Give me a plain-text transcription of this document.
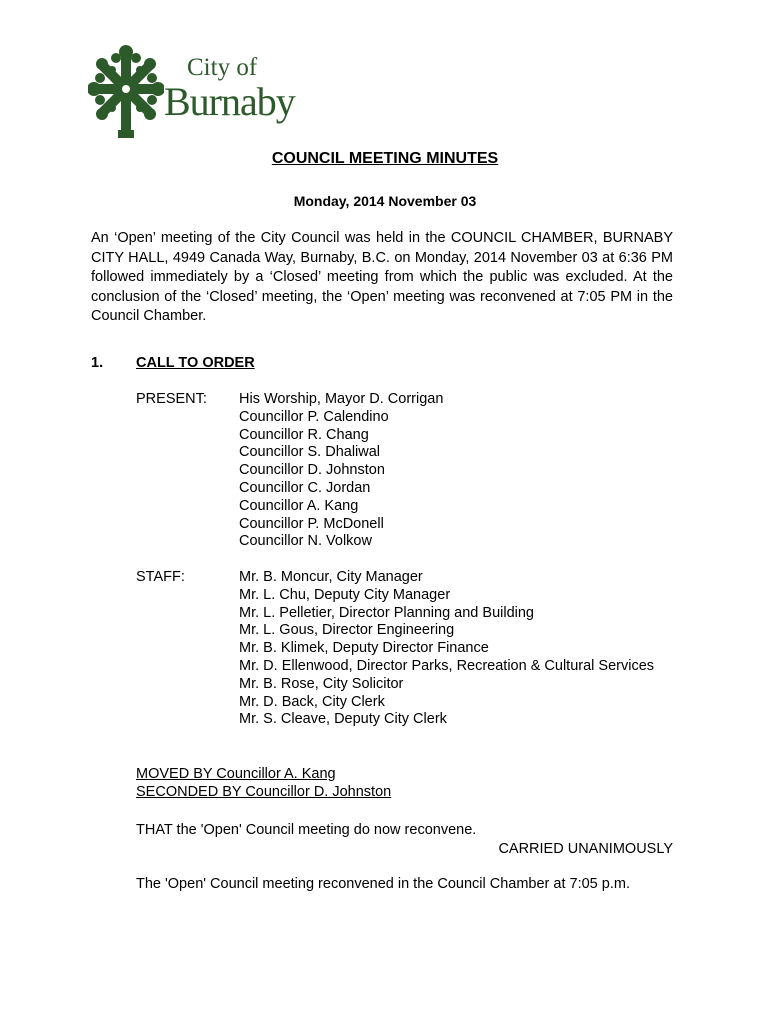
City of
Burnaby
COUNCIL MEETING MINUTES
Monday, 2014 November 03
An ‘Open’ meeting of the City Council was held in the COUNCIL CHAMBER, BURNABY CITY HALL, 4949 Canada Way, Burnaby, B.C. on Monday, 2014 November 03 at 6:36 PM followed immediately by a ‘Closed’ meeting from which the public was excluded. At the conclusion of the ‘Closed’ meeting, the ‘Open’ meeting was reconvened at 7:05 PM in the Council Chamber.
1. CALL TO ORDER
PRESENT: His Worship, Mayor D. Corrigan
Councillor P. Calendino
Councillor R. Chang
Councillor S. Dhaliwal
Councillor D. Johnston
Councillor C. Jordan
Councillor A. Kang
Councillor P. McDonell
Councillor N. Volkow
STAFF:	Mr. B. Moncur, City Manager
Mr. L. Chu, Deputy City Manager
Mr. L. Pelletier, Director Planning and Building
Mr. L. Gous, Director Engineering
Mr. B. Klimek, Deputy Director Finance
Mr. D. Ellenwood, Director Parks, Recreation & Cultural Services
Mr. B. Rose, City Solicitor
Mr. D. Back, City Clerk
Mr. S. Cleave, Deputy City Clerk
MOVED BY Councillor A. Kang
SECONDED BY Councillor D. Johnston
THAT the 'Open' Council meeting do now reconvene.
CARRIED UNANIMOUSLY
The 'Open' Council meeting reconvened in the Council Chamber at 7:05 p.m.
